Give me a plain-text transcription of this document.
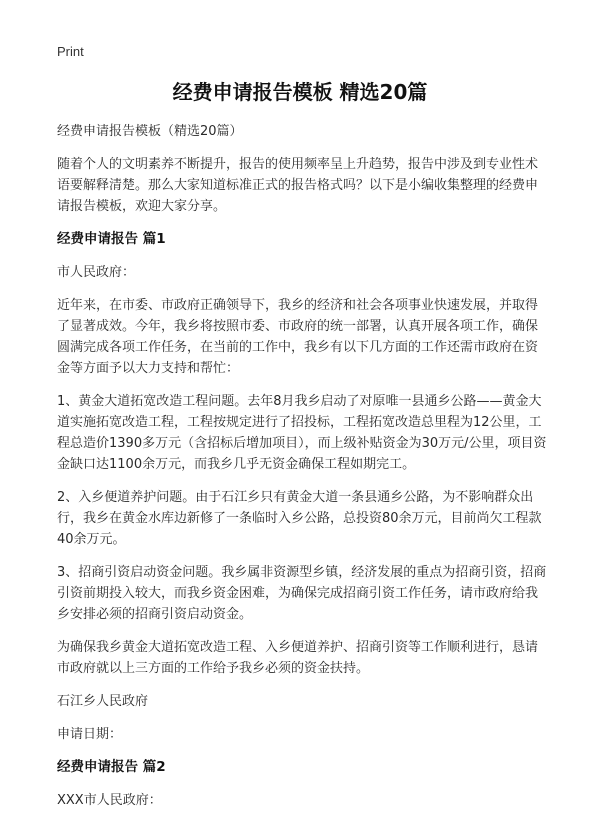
Print
经费申请报告模板 精选20篇

经费申请报告模板（精选20篇）

随着个人的文明素养不断提升，报告的使用频率呈上升趋势，报告中涉及到专业性术语要解释清楚。那么大家知道标准正式的报告格式吗？以下是小编收集整理的经费申请报告模板，欢迎大家分享。

经费申请报告 篇1

市人民政府：

近年来，在市委、市政府正确领导下，我乡的经济和社会各项事业快速发展，并取得了显著成效。今年，我乡将按照市委、市政府的统一部署，认真开展各项工作，确保圆满完成各项工作任务，在当前的工作中，我乡有以下几方面的工作还需市政府在资金等方面予以大力支持和帮忙：

1、黄金大道拓宽改造工程问题。去年8月我乡启动了对原唯一县通乡公路——黄金大道实施拓宽改造工程，工程按规定进行了招投标，工程拓宽改造总里程为12公里，工程总造价1390多万元（含招标后增加项目），而上级补贴资金为30万元/公里，项目资金缺口达1100余万元，而我乡几乎无资金确保工程如期完工。

2、入乡便道养护问题。由于石江乡只有黄金大道一条县通乡公路，为不影响群众出行，我乡在黄金水库边新修了一条临时入乡公路，总投资80余万元，目前尚欠工程款40余万元。

3、招商引资启动资金问题。我乡属非资源型乡镇，经济发展的重点为招商引资，招商引资前期投入较大，而我乡资金困难，为确保完成招商引资工作任务，请市政府给我乡安排必须的招商引资启动资金。

为确保我乡黄金大道拓宽改造工程、入乡便道养护、招商引资等工作顺利进行，恳请市政府就以上三方面的工作给予我乡必须的资金扶持。

石江乡人民政府

申请日期：

经费申请报告 篇2

XXX市人民政府：
